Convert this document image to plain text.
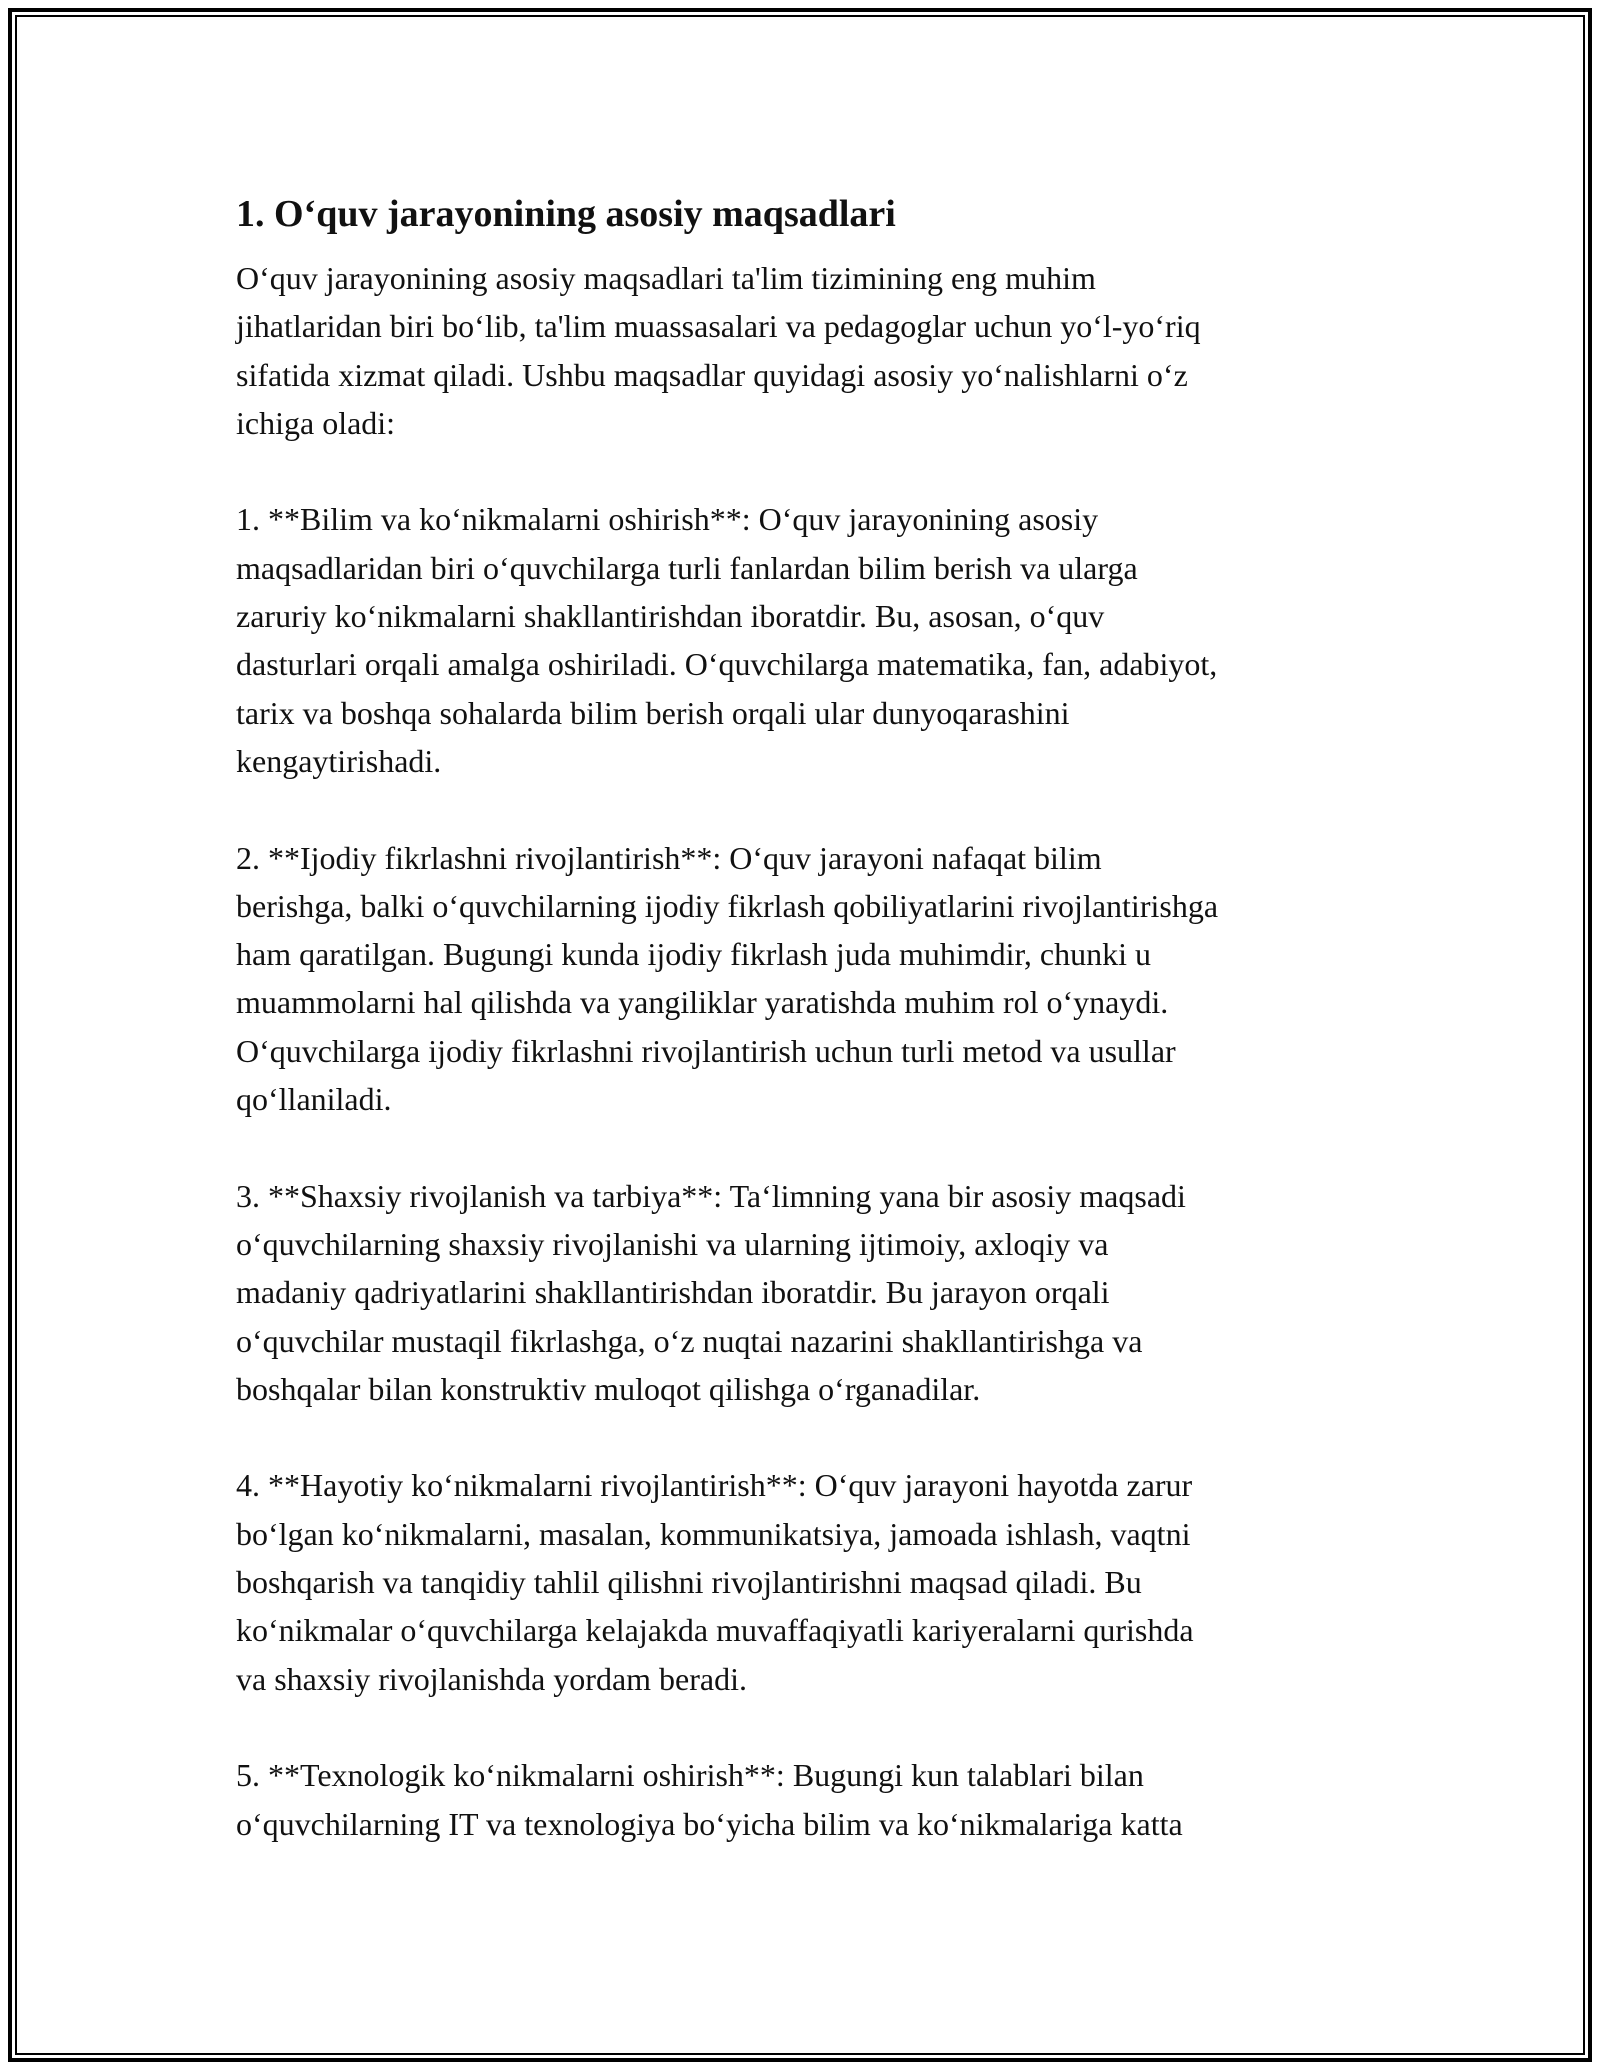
1. O‘quv jarayonining asosiy maqsadlari

O‘quv jarayonining asosiy maqsadlari ta'lim tizimining eng muhim
jihatlaridan biri bo‘lib, ta'lim muassasalari va pedagoglar uchun yo‘l-yo‘riq
sifatida xizmat qiladi. Ushbu maqsadlar quyidagi asosiy yo‘nalishlarni o‘z
ichiga oladi:

1. **Bilim va ko‘nikmalarni oshirish**: O‘quv jarayonining asosiy
maqsadlaridan biri o‘quvchilarga turli fanlardan bilim berish va ularga
zaruriy ko‘nikmalarni shakllantirishdan iboratdir. Bu, asosan, o‘quv
dasturlari orqali amalga oshiriladi. O‘quvchilarga matematika, fan, adabiyot,
tarix va boshqa sohalarda bilim berish orqali ular dunyoqarashini
kengaytirishadi.

2. **Ijodiy fikrlashni rivojlantirish**: O‘quv jarayoni nafaqat bilim
berishga, balki o‘quvchilarning ijodiy fikrlash qobiliyatlarini rivojlantirishga
ham qaratilgan. Bugungi kunda ijodiy fikrlash juda muhimdir, chunki u
muammolarni hal qilishda va yangiliklar yaratishda muhim rol o‘ynaydi.
O‘quvchilarga ijodiy fikrlashni rivojlantirish uchun turli metod va usullar
qo‘llaniladi.

3. **Shaxsiy rivojlanish va tarbiya**: Ta‘limning yana bir asosiy maqsadi
o‘quvchilarning shaxsiy rivojlanishi va ularning ijtimoiy, axloqiy va
madaniy qadriyatlarini shakllantirishdan iboratdir. Bu jarayon orqali
o‘quvchilar mustaqil fikrlashga, o‘z nuqtai nazarini shakllantirishga va
boshqalar bilan konstruktiv muloqot qilishga o‘rganadilar.

4. **Hayotiy ko‘nikmalarni rivojlantirish**: O‘quv jarayoni hayotda zarur
bo‘lgan ko‘nikmalarni, masalan, kommunikatsiya, jamoada ishlash, vaqtni
boshqarish va tanqidiy tahlil qilishni rivojlantirishni maqsad qiladi. Bu
ko‘nikmalar o‘quvchilarga kelajakda muvaffaqiyatli kariyeralarni qurishda
va shaxsiy rivojlanishda yordam beradi.

5. **Texnologik ko‘nikmalarni oshirish**: Bugungi kun talablari bilan
o‘quvchilarning IT va texnologiya bo‘yicha bilim va ko‘nikmalariga katta
